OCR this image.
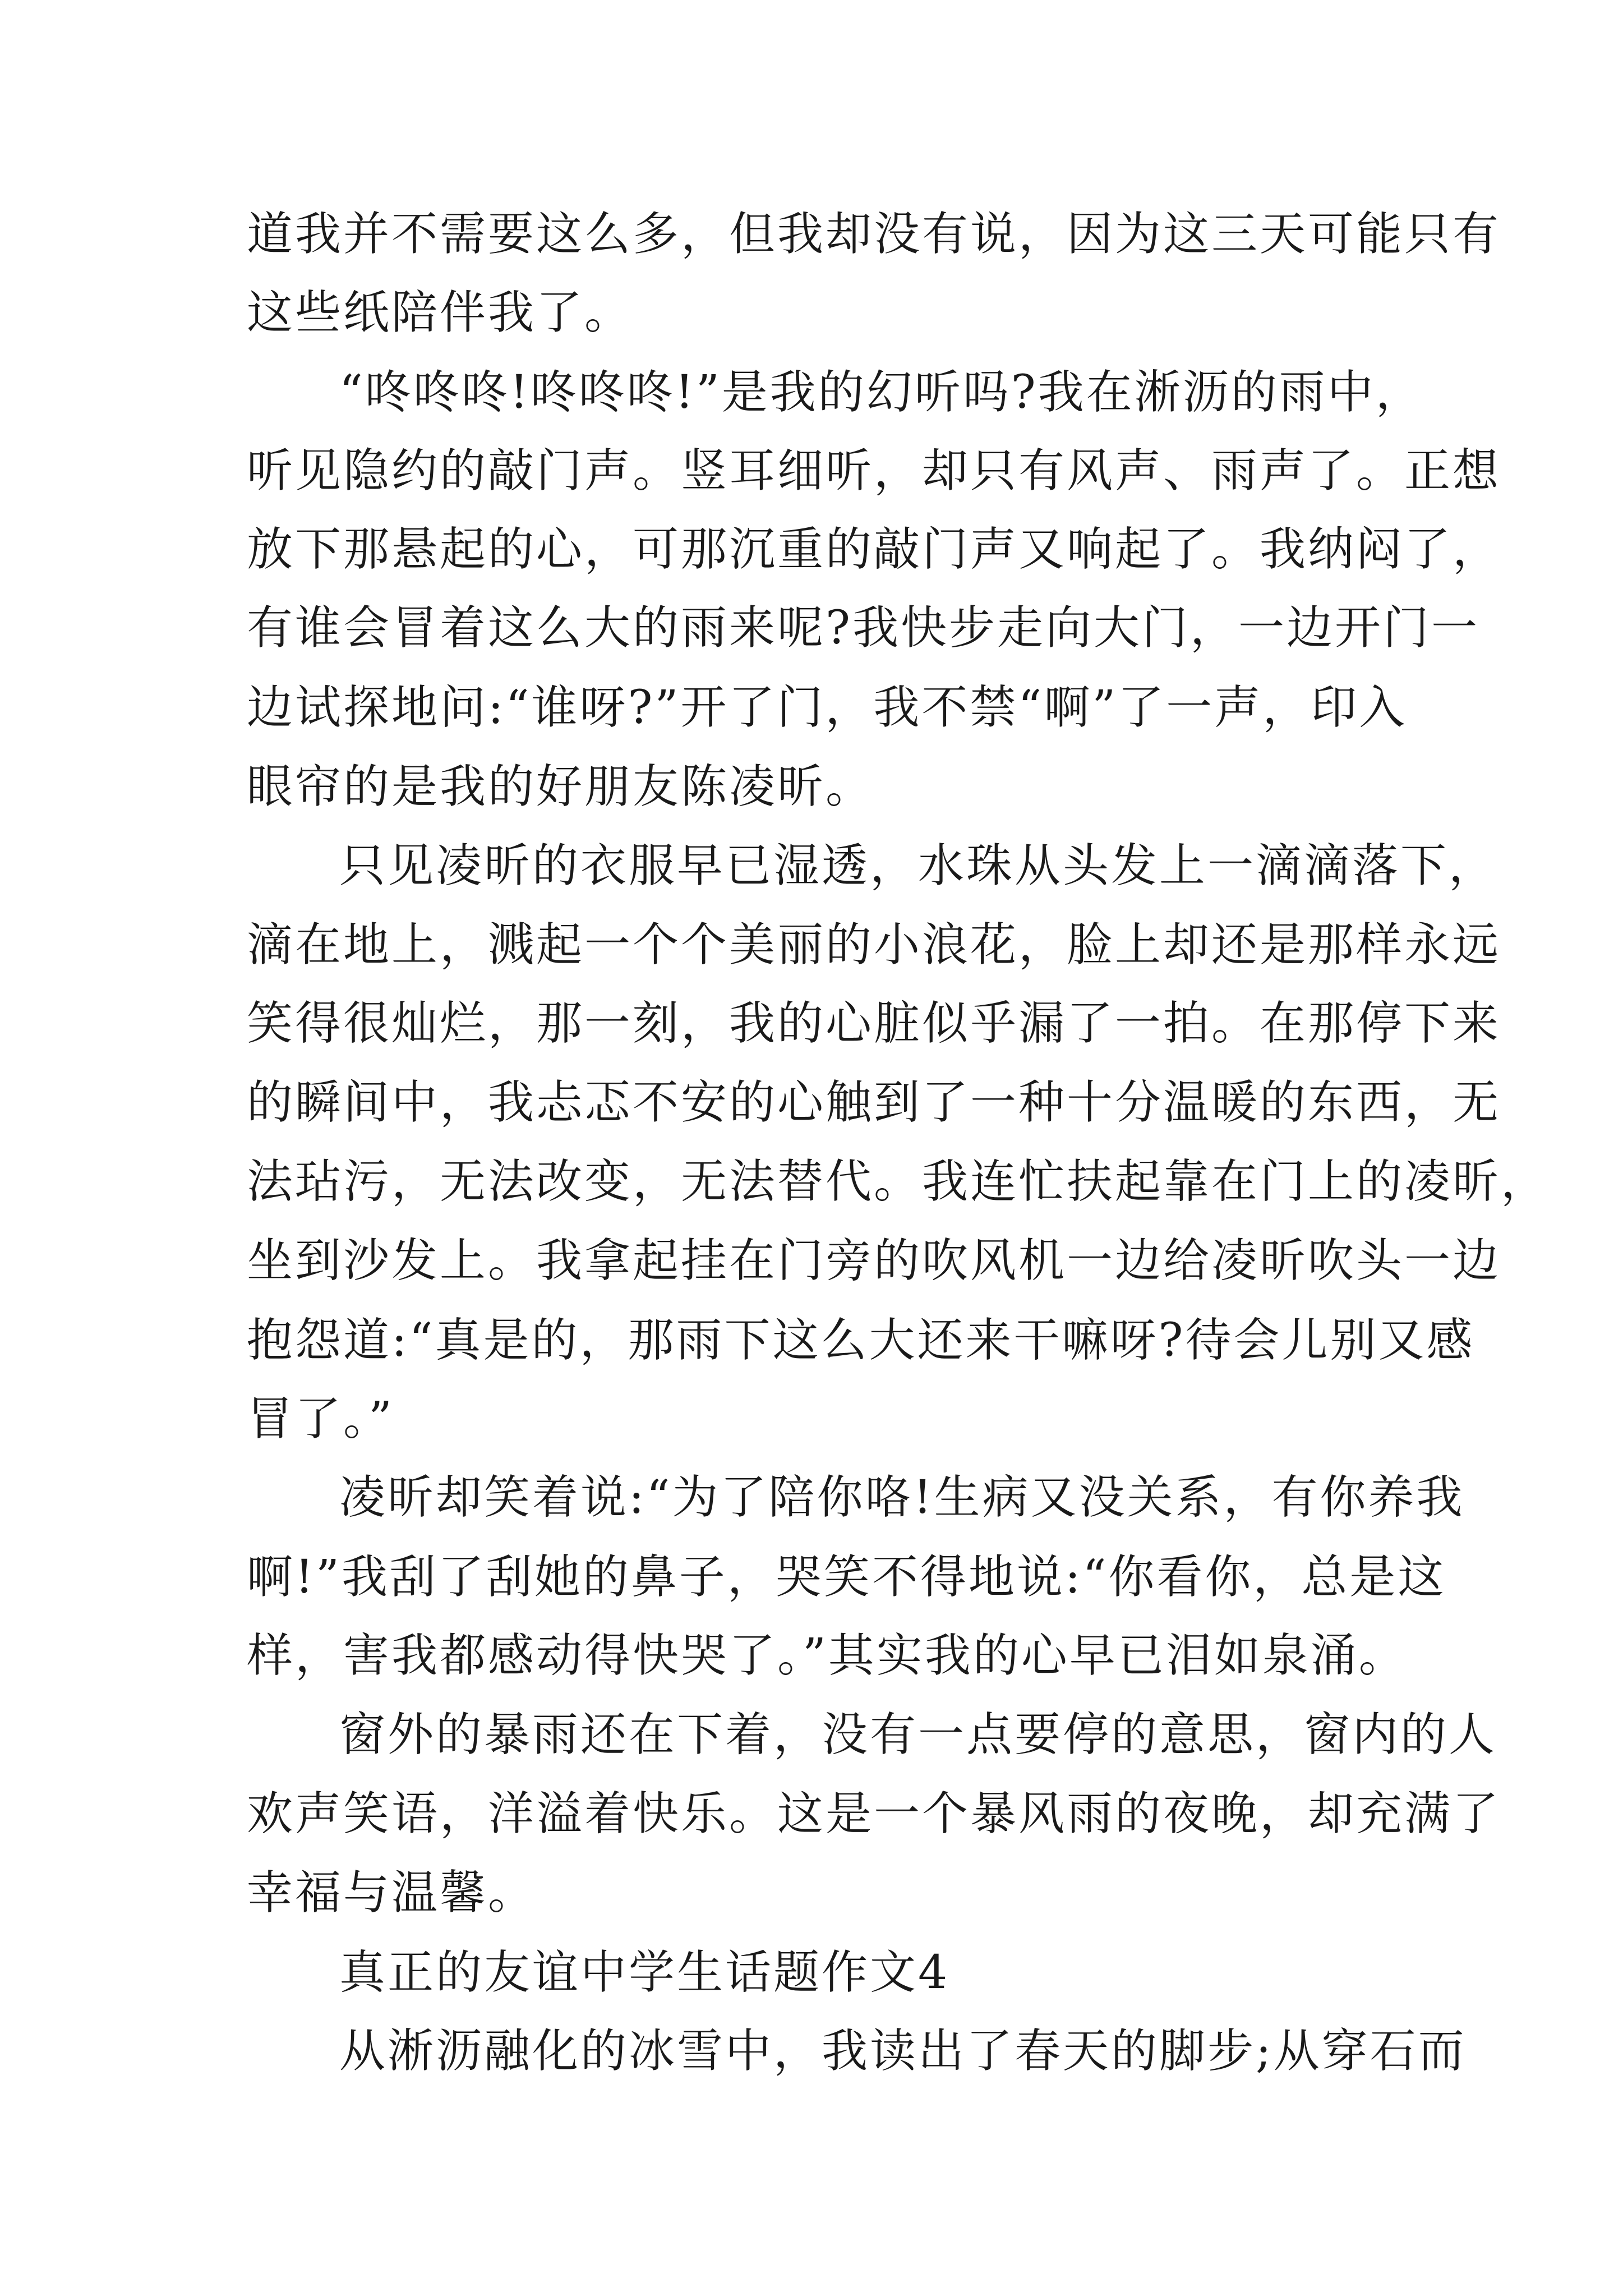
道我并不需要这么多，但我却没有说，因为这三天可能只有

这些纸陪伴我了。

“咚咚咚!咚咚咚!”是我的幻听吗?我在淅沥的雨中，

听见隐约的敲门声。竖耳细听，却只有风声、雨声了。正想

放下那悬起的心，可那沉重的敲门声又响起了。我纳闷了，

有谁会冒着这么大的雨来呢?我快步走向大门，一边开门一

边试探地问:“谁呀?”开了门，我不禁“啊”了一声，印入

眼帘的是我的好朋友陈凌昕。

只见凌昕的衣服早已湿透，水珠从头发上一滴滴落下，

滴在地上，溅起一个个美丽的小浪花，脸上却还是那样永远

笑得很灿烂，那一刻，我的心脏似乎漏了一拍。在那停下来

的瞬间中，我忐忑不安的心触到了一种十分温暖的东西，无

法玷污，无法改变，无法替代。我连忙扶起靠在门上的凌昕，

坐到沙发上。我拿起挂在门旁的吹风机一边给凌昕吹头一边

抱怨道:“真是的，那雨下这么大还来干嘛呀?待会儿别又感

冒了。”

凌昕却笑着说:“为了陪你咯!生病又没关系，有你养我

啊!”我刮了刮她的鼻子，哭笑不得地说:“你看你，总是这

样，害我都感动得快哭了。”其实我的心早已泪如泉涌。

窗外的暴雨还在下着，没有一点要停的意思，窗内的人

欢声笑语，洋溢着快乐。这是一个暴风雨的夜晚，却充满了

幸福与温馨。

真正的友谊中学生话题作文4

从淅沥融化的冰雪中，我读出了春天的脚步;从穿石而
